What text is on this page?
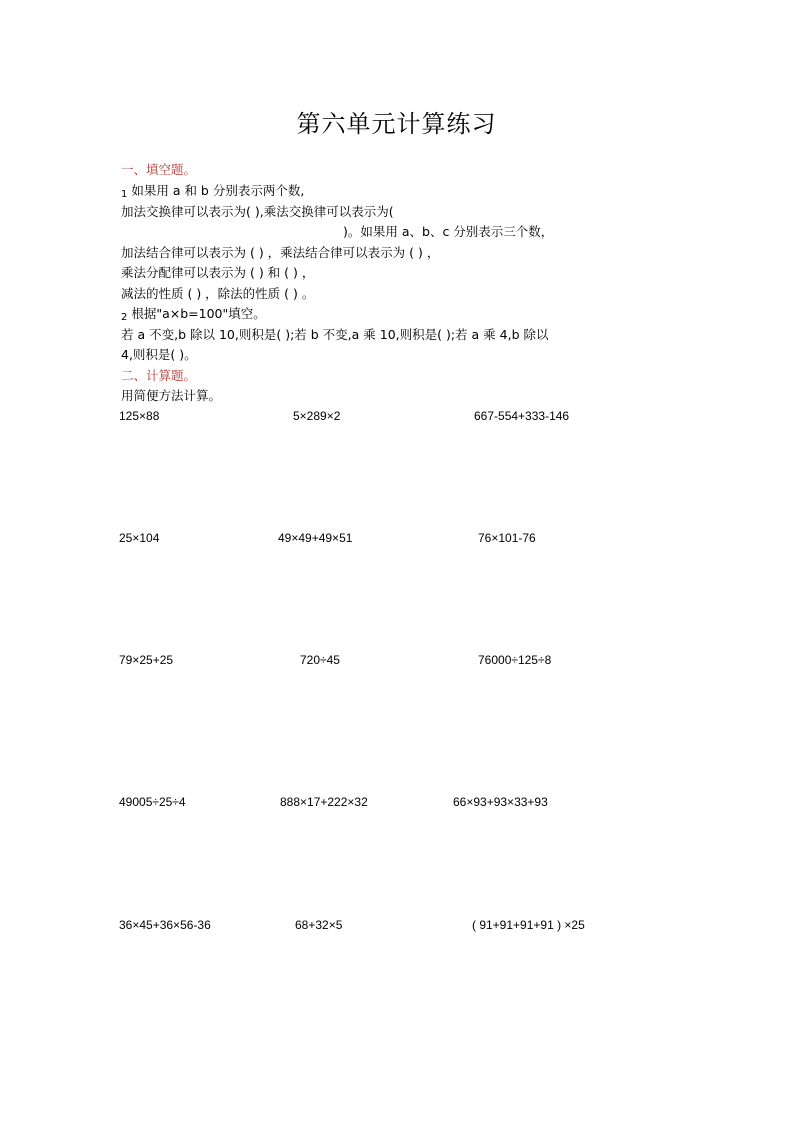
第六单元计算练习
一、填空题。
1 如果用 a 和 b 分别表示两个数,
加法交换律可以表示为( ),乘法交换律可以表示为(
)。如果用 a、b、c 分别表示三个数，
加法结合律可以表示为 ( ) ，乘法结合律可以表示为 ( ) ，
乘法分配律可以表示为 ( ) 和 ( ) ，
减法的性质 ( ) ，除法的性质 ( ) 。
2 根据"a×b=100"填空。
若 a 不变,b 除以 10,则积是( );若 b 不变,a 乘 10,则积是( );若 a 乘 4,b 除以
4,则积是( )。
二、计算题。
用简便方法计算。
125×88	5×289×2	667-554+333-146
25×104	49×49+49×51	76×101-76
79×25+25	720÷45	76000÷125÷8
49005÷25÷4	888×17+222×32	66×93+93×33+93
36×45+36×56-36	68+32×5	( 91+91+91+91 ) ×25
